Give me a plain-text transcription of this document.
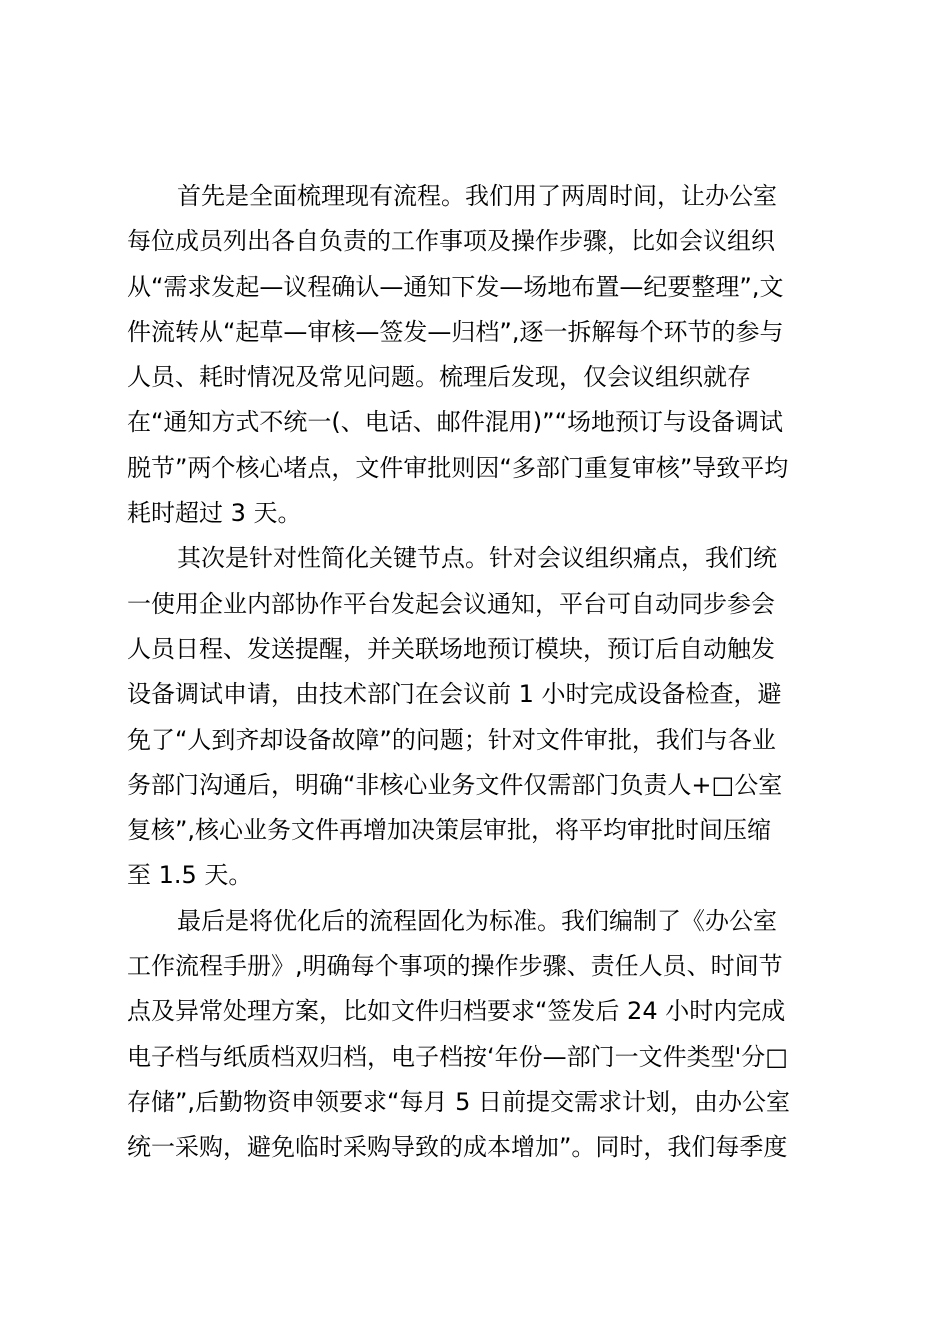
首先是全面梳理现有流程。我们用了两周时间，让办公室
每位成员列出各自负责的工作事项及操作步骤，比如会议组织
从“需求发起—议程确认—通知下发—场地布置—纪要整理”,文
件流转从“起草—审核—签发—归档”,逐一拆解每个环节的参与
人员、耗时情况及常见问题。梳理后发现，仅会议组织就存
在“通知方式不统一(、电话、邮件混用)”“场地预订与设备调试
脱节”两个核心堵点，文件审批则因“多部门重复审核”导致平均
耗时超过 3 天。
其次是针对性简化关键节点。针对会议组织痛点，我们统
一使用企业内部协作平台发起会议通知，平台可自动同步参会
人员日程、发送提醒，并关联场地预订模块，预订后自动触发
设备调试申请，由技术部门在会议前 1 小时完成设备检查，避
免了“人到齐却设备故障”的问题；针对文件审批，我们与各业
务部门沟通后，明确“非核心业务文件仅需部门负责人+□公室
复核”,核心业务文件再增加决策层审批，将平均审批时间压缩
至 1.5 天。
最后是将优化后的流程固化为标准。我们编制了《办公室
工作流程手册》,明确每个事项的操作步骤、责任人员、时间节
点及异常处理方案，比如文件归档要求“签发后 24 小时内完成
电子档与纸质档双归档，电子档按‘年份—部门一文件类型'分□
存储”,后勤物资申领要求“每月 5 日前提交需求计划，由办公室
统一采购，避免临时采购导致的成本增加”。同时，我们每季度
